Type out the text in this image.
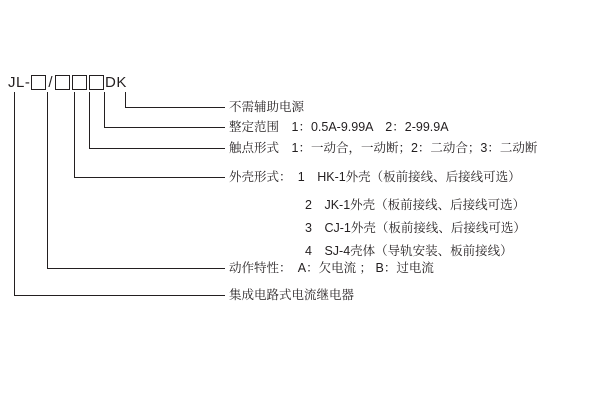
JL- /	DK
不需辅助电源
整定范围　1：0.5A-9.99A　2：2-99.9A
触点形式　1：一动合，一动断；2：二动合；3：二动断
外壳形式：　1　HK-1外壳（板前接线、后接线可选）
2　JK-1外壳（板前接线、后接线可选）
3　CJ-1外壳（板前接线、后接线可选）
4　SJ-4壳体（导轨安装、板前接线）
动作特性：　A：欠电流 ； B：过电流
集成电路式电流继电器
